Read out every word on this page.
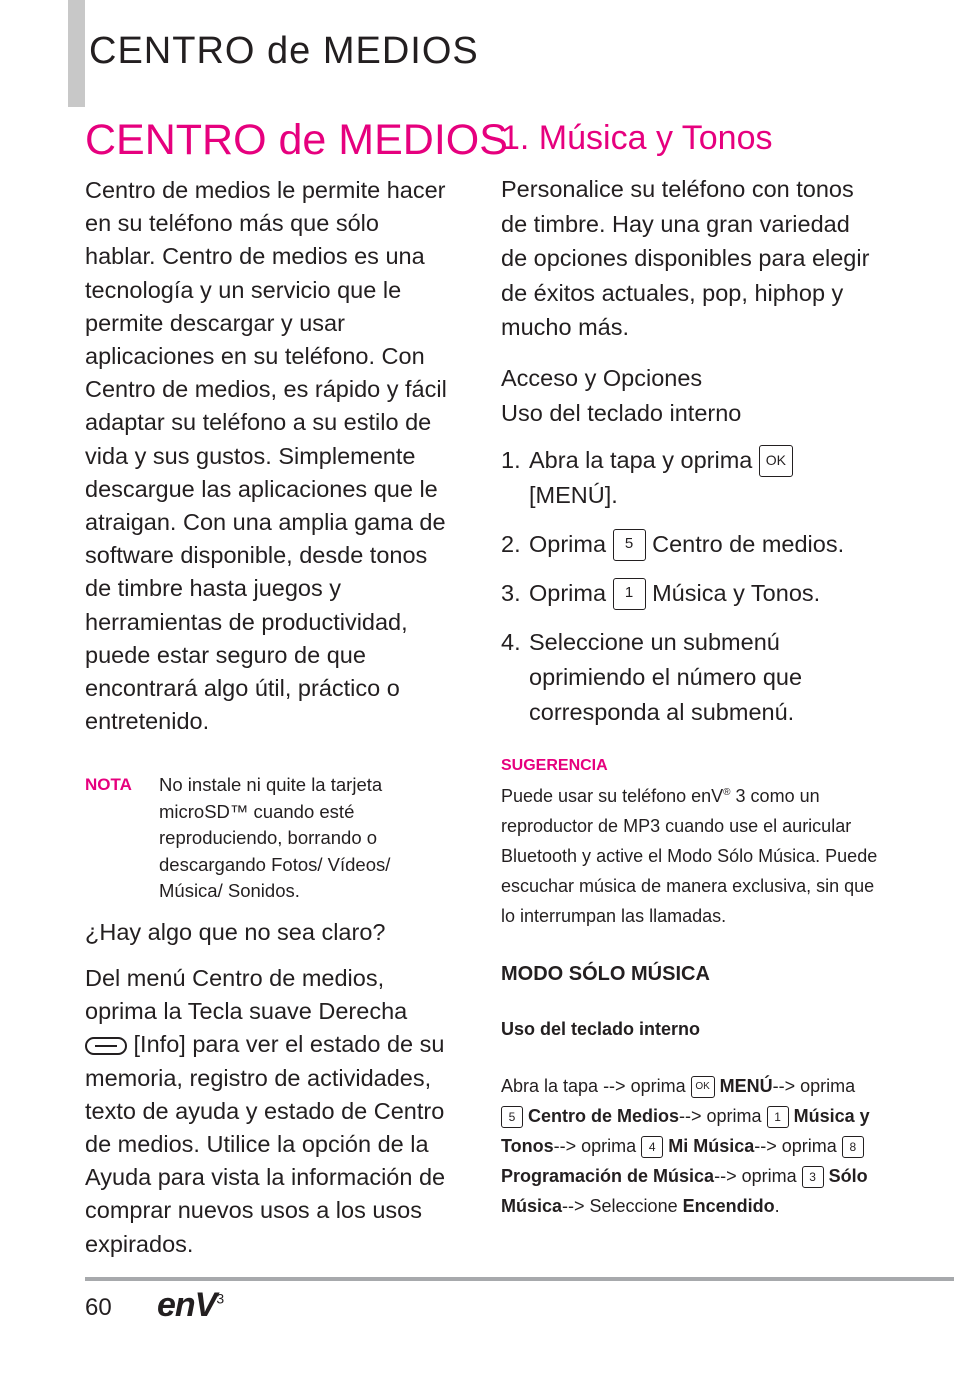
CENTRO de MEDIOS
CENTRO de MEDIOS

Centro de medios le permite hacer en su teléfono más que sólo hablar. Centro de medios es una tecnología y un servicio que le permite descargar y usar aplicaciones en su teléfono. Con Centro de medios, es rápido y fácil adaptar su teléfono a su estilo de vida y sus gustos. Simplemente descargue las aplicaciones que le atraigan. Con una amplia gama de software disponible, desde tonos de timbre hasta juegos y herramientas de productividad, puede estar seguro de que encontrará algo útil, práctico o entretenido.

NOTA	No instale ni quite la tarjeta microSD™ cuando esté reproduciendo, borrando o descargando Fotos/ Vídeos/ Música/ Sonidos.

¿Hay algo que no sea claro?

Del menú Centro de medios, oprima la Tecla suave Derecha  [Info] para ver el estado de su memoria, registro de actividades, texto de ayuda y estado de Centro de medios. Utilice la opción de la Ayuda para vista la información de comprar nuevos usos a los usos expirados.

1. Música y Tonos

Personalice su teléfono con tonos de timbre. Hay una gran variedad de opciones disponibles para elegir de éxitos actuales, pop, hiphop y mucho más.

Acceso y Opciones

Uso del teclado interno

1. Abra la tapa y oprima OK
[MENÚ].
2. Oprima 5 Centro de medios.
3. Oprima 1 Música y Tonos.
4. Seleccione un submenú oprimiendo el número que corresponda al submenú.
SUGERENCIA

Puede usar su teléfono enV® 3 como un reproductor de MP3 cuando use el auricular Bluetooth y active el Modo Sólo Música. Puede escuchar música de manera exclusiva, sin que lo interrumpan las llamadas.

MODO SÓLO MÚSICA
Uso del teclado interno

Abra la tapa --> oprima OK MENÚ--> oprima 5 Centro de Medios--> oprima 1 Música y Tonos--> oprima 4 Mi Música--> oprima 8 Programación de Música--> oprima 3 Sólo Música--> Seleccione Encendido.

60 enV$^3$
